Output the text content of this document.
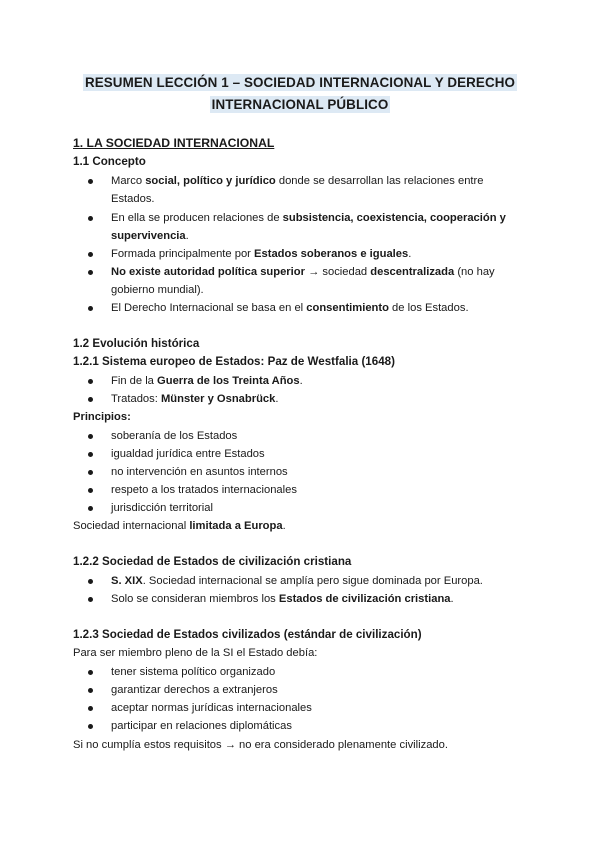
RESUMEN LECCIÓN 1 – SOCIEDAD INTERNACIONAL Y DERECHO
INTERNACIONAL PÚBLICO
1. LA SOCIEDAD INTERNACIONAL
1.1 Concepto
Marco social, político y jurídico donde se desarrollan las relaciones entre
Estados.
En ella se producen relaciones de subsistencia, coexistencia, cooperación y
supervivencia.
Formada principalmente por Estados soberanos e iguales.
No existe autoridad política superior → sociedad descentralizada (no hay
gobierno mundial).
El Derecho Internacional se basa en el consentimiento de los Estados.
1.2 Evolución histórica
1.2.1 Sistema europeo de Estados: Paz de Westfalia (1648)
Fin de la Guerra de los Treinta Años.
Tratados: Münster y Osnabrück.
Principios:
soberanía de los Estados
igualdad jurídica entre Estados
no intervención en asuntos internos
respeto a los tratados internacionales
jurisdicción territorial
Sociedad internacional limitada a Europa.
1.2.2 Sociedad de Estados de civilización cristiana
S. XIX. Sociedad internacional se amplía pero sigue dominada por Europa.
Solo se consideran miembros los Estados de civilización cristiana.
1.2.3 Sociedad de Estados civilizados (estándar de civilización)
Para ser miembro pleno de la SI el Estado debía:
tener sistema político organizado
garantizar derechos a extranjeros
aceptar normas jurídicas internacionales
participar en relaciones diplomáticas
Si no cumplía estos requisitos → no era considerado plenamente civilizado.
